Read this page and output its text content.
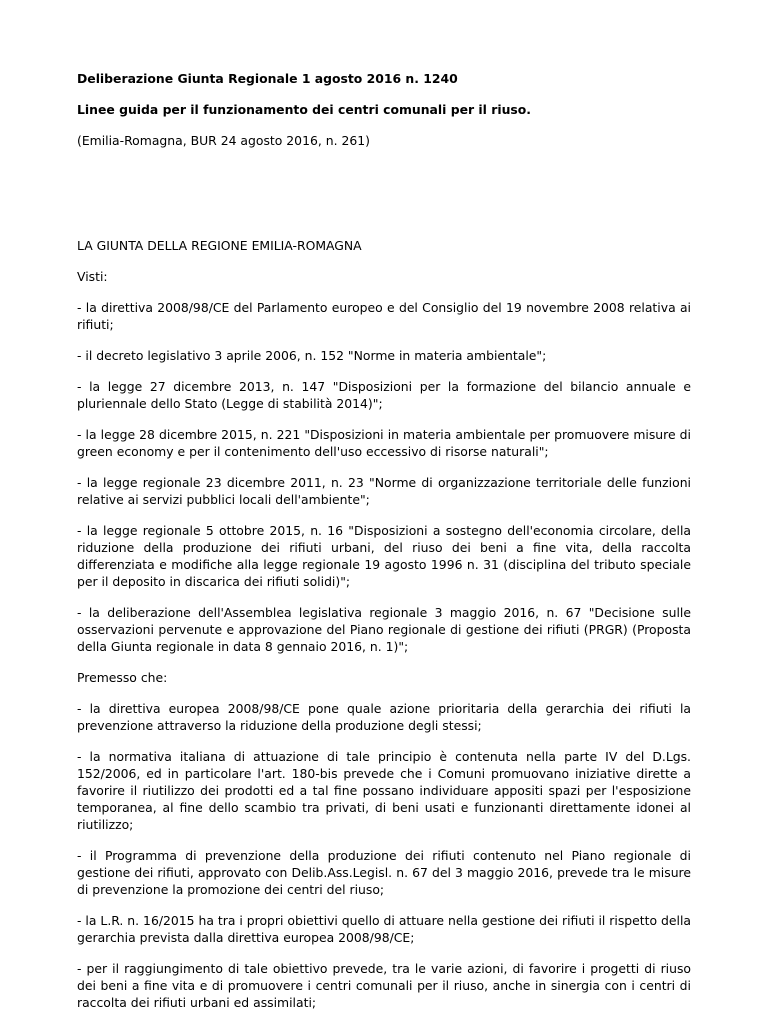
Deliberazione Giunta Regionale 1 agosto 2016 n. 1240

Linee guida per il funzionamento dei centri comunali per il riuso.

(Emilia-Romagna, BUR 24 agosto 2016, n. 261)

LA GIUNTA DELLA REGIONE EMILIA-ROMAGNA

Visti:

- la direttiva 2008/98/CE del Parlamento europeo e del Consiglio del 19 novembre 2008 relativa ai rifiuti;

- il decreto legislativo 3 aprile 2006, n. 152 "Norme in materia ambientale";

- la legge 27 dicembre 2013, n. 147 "Disposizioni per la formazione del bilancio annuale e pluriennale dello Stato (Legge di stabilità 2014)";

- la legge 28 dicembre 2015, n. 221 "Disposizioni in materia ambientale per promuovere misure di green economy e per il contenimento dell'uso eccessivo di risorse naturali";

- la legge regionale 23 dicembre 2011, n. 23 "Norme di organizzazione territoriale delle funzioni relative ai servizi pubblici locali dell'ambiente";

- la legge regionale 5 ottobre 2015, n. 16 "Disposizioni a sostegno dell'economia circolare, della riduzione della produzione dei rifiuti urbani, del riuso dei beni a fine vita, della raccolta differenziata e modifiche alla legge regionale 19 agosto 1996 n. 31 (disciplina del tributo speciale per il deposito in discarica dei rifiuti solidi)";

- la deliberazione dell'Assemblea legislativa regionale 3 maggio 2016, n. 67 "Decisione sulle osservazioni pervenute e approvazione del Piano regionale di gestione dei rifiuti (PRGR) (Proposta della Giunta regionale in data 8 gennaio 2016, n. 1)";

Premesso che:

- la direttiva europea 2008/98/CE pone quale azione prioritaria della gerarchia dei rifiuti la prevenzione attraverso la riduzione della produzione degli stessi;

- la normativa italiana di attuazione di tale principio è contenuta nella parte IV del D.Lgs. 152/2006, ed in particolare l'art. 180-bis prevede che i Comuni promuovano iniziative dirette a favorire il riutilizzo dei prodotti ed a tal fine possano individuare appositi spazi per l'esposizione temporanea, al fine dello scambio tra privati, di beni usati e funzionanti direttamente idonei al riutilizzo;

- il Programma di prevenzione della produzione dei rifiuti contenuto nel Piano regionale di gestione dei rifiuti, approvato con Delib.Ass.Legisl. n. 67 del 3 maggio 2016, prevede tra le misure di prevenzione la promozione dei centri del riuso;

- la L.R. n. 16/2015 ha tra i propri obiettivi quello di attuare nella gestione dei rifiuti il rispetto della gerarchia prevista dalla direttiva europea 2008/98/CE;

- per il raggiungimento di tale obiettivo prevede, tra le varie azioni, di favorire i progetti di riuso dei beni a fine vita e di promuovere i centri comunali per il riuso, anche in sinergia con i centri di raccolta dei rifiuti urbani ed assimilati;
